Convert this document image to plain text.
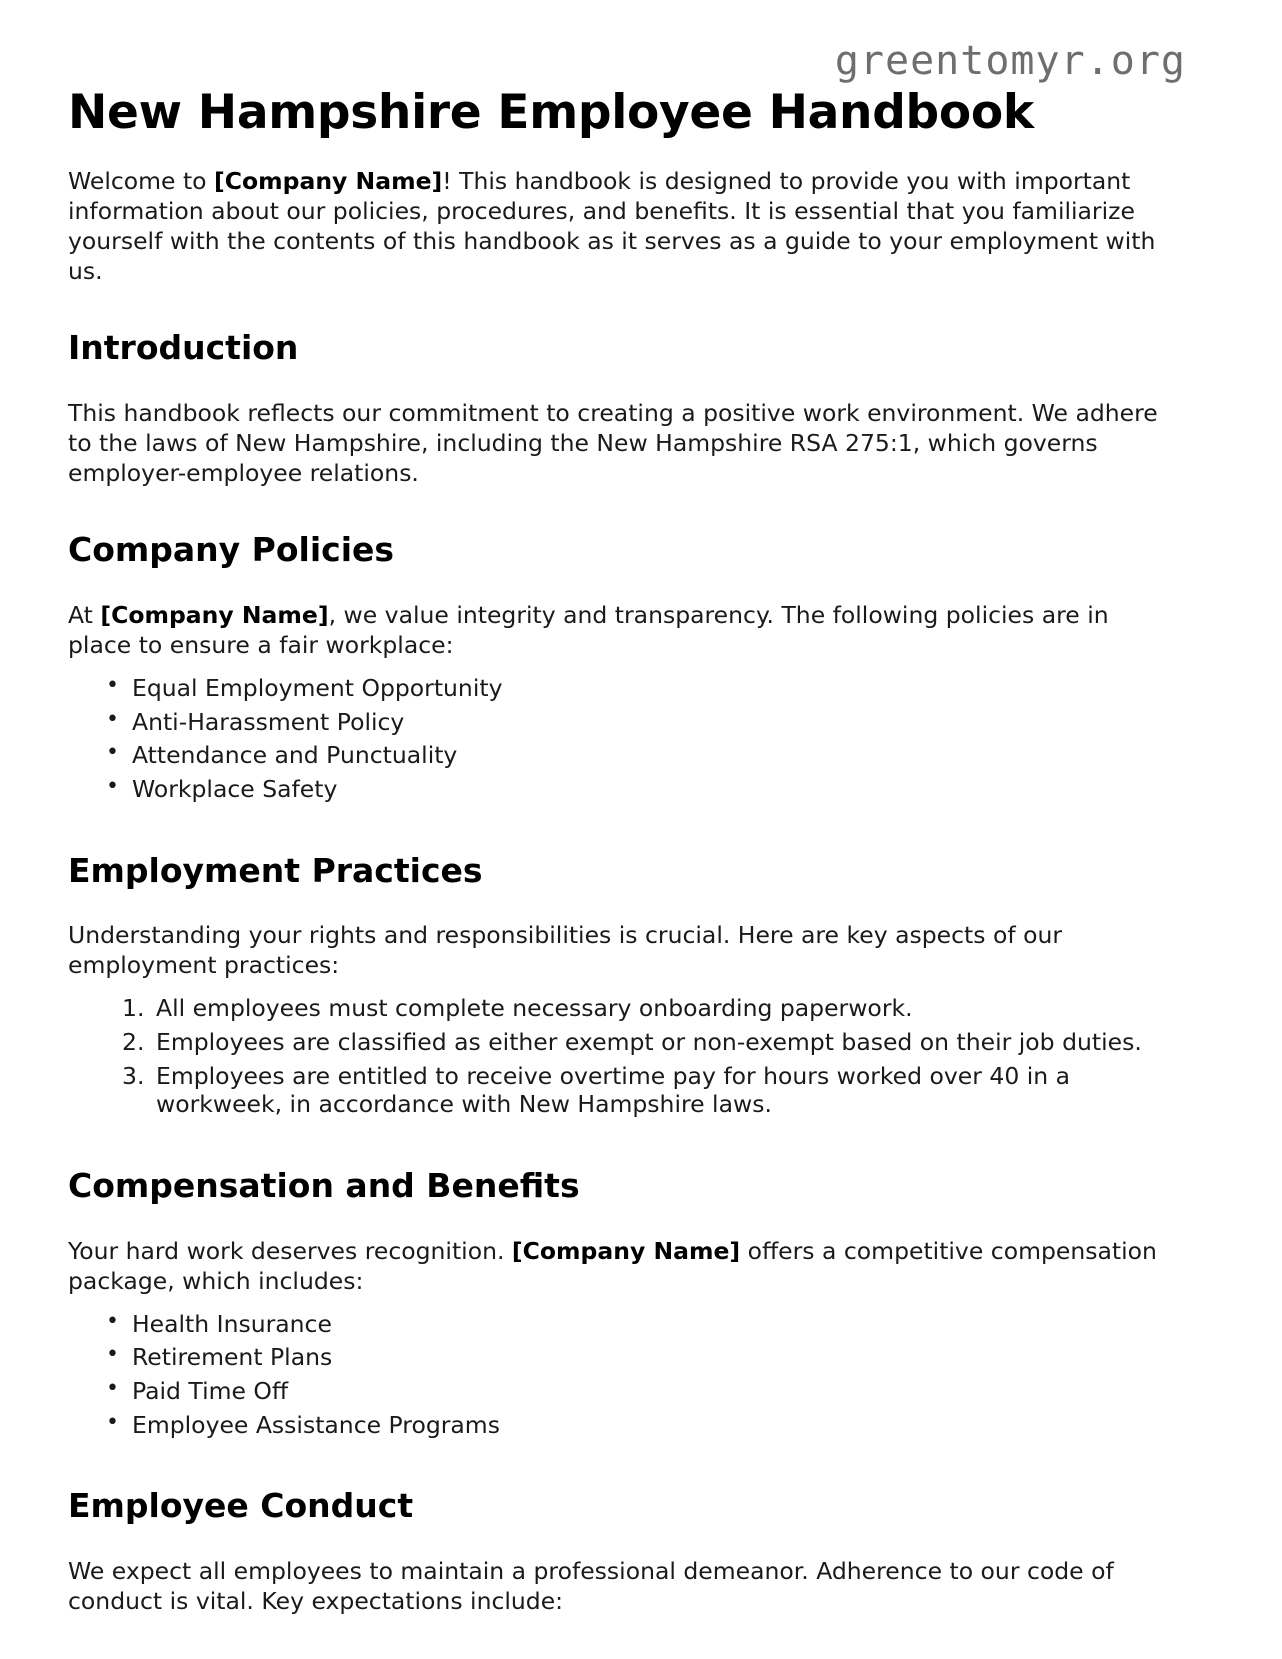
greentomyr.org
New Hampshire Employee Handbook

Welcome to [Company Name]! This handbook is designed to provide you with important information about our policies, procedures, and benefits. It is essential that you familiarize yourself with the contents of this handbook as it serves as a guide to your employment with us.

Introduction

This handbook reflects our commitment to creating a positive work environment. We adhere to the laws of New Hampshire, including the New Hampshire RSA 275:1, which governs employer-employee relations.

Company Policies

At [Company Name], we value integrity and transparency. The following policies are in place to ensure a fair workplace:

• Equal Employment Opportunity
• Anti-Harassment Policy
• Attendance and Punctuality
• Workplace Safety
Employment Practices

Understanding your rights and responsibilities is crucial. Here are key aspects of our employment practices:

All employees must complete necessary onboarding paperwork.
Employees are classified as either exempt or non-exempt based on their job duties.
Employees are entitled to receive overtime pay for hours worked over 40 in a workweek, in accordance with New Hampshire laws.
Compensation and Benefits

Your hard work deserves recognition. [Company Name] offers a competitive compensation package, which includes:

• Health Insurance
• Retirement Plans
• Paid Time Off
• Employee Assistance Programs
Employee Conduct

We expect all employees to maintain a professional demeanor. Adherence to our code of conduct is vital. Key expectations include:
